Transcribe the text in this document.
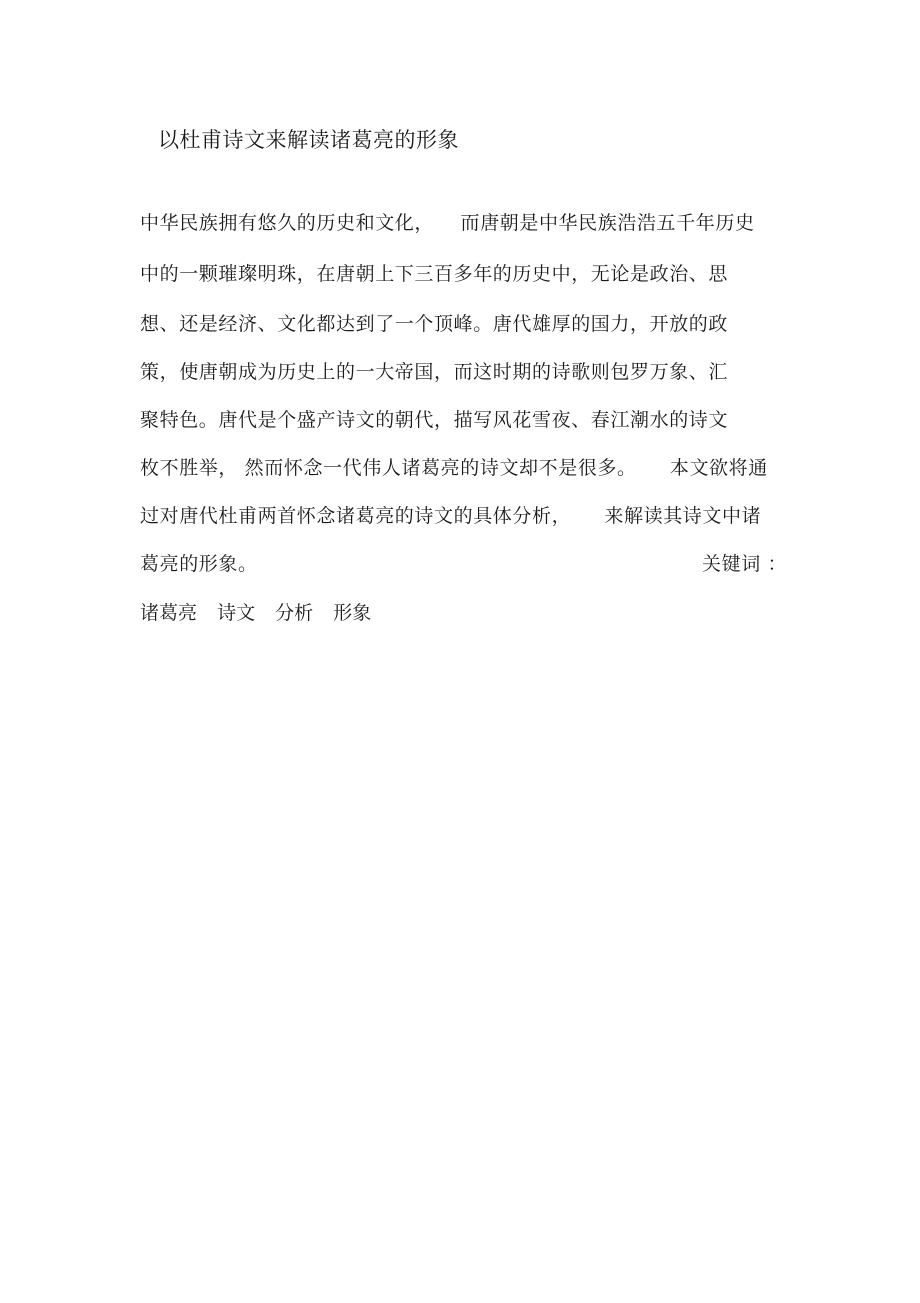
以杜甫诗文来解读诸葛亮的形象
中华民族拥有悠久的历史和文化，    而唐朝是中华民族浩浩五千年历史
中的一颗璀璨明珠，在唐朝上下三百多年的历史中，无论是政治、思
想、还是经济、文化都达到了一个顶峰。唐代雄厚的国力，开放的政
策，使唐朝成为历史上的一大帝国，而这时期的诗歌则包罗万象、汇
聚特色。唐代是个盛产诗文的朝代，描写风花雪夜、春江潮水的诗文
枚不胜举， 然而怀念一代伟人诸葛亮的诗文却不是很多。     本文欲将通
过对唐代杜甫两首怀念诸葛亮的诗文的具体分析，     来解读其诗文中诸
葛亮的形象。	关键词 ：
诸葛亮 诗文 分析 形象
